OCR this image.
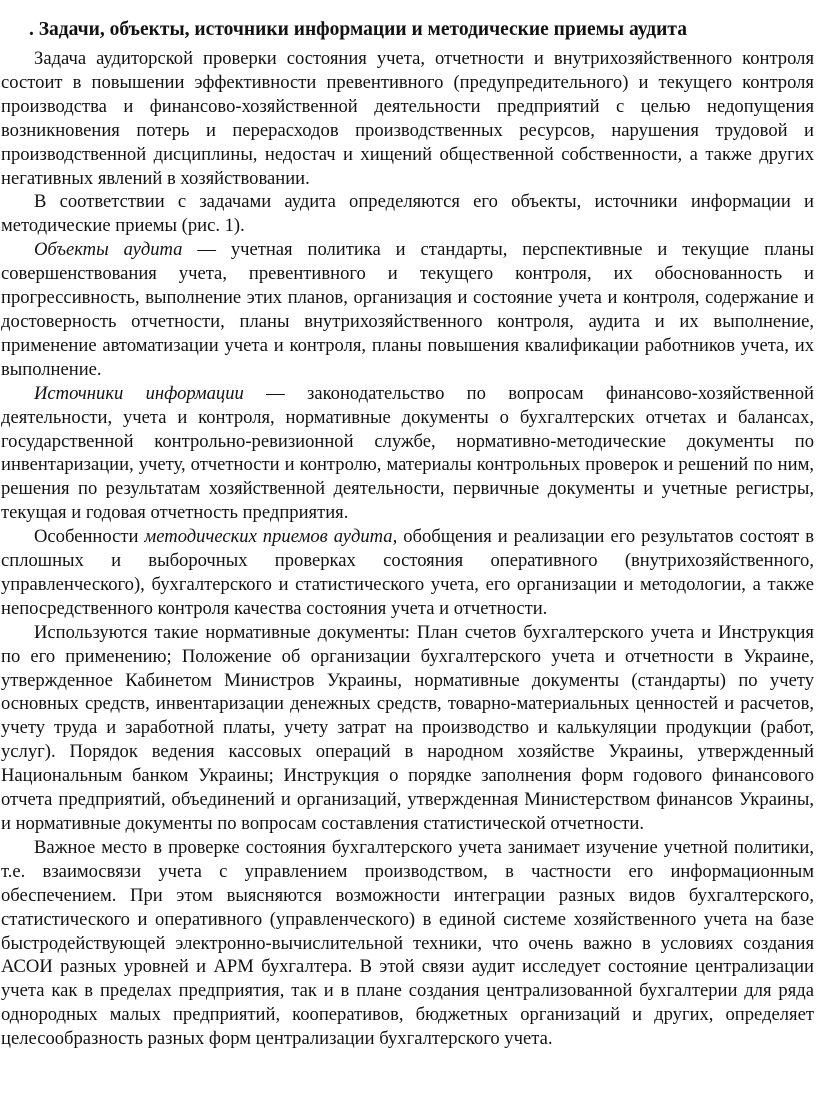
. Задачи, объекты, источники информации и методические приемы аудита

Задача аудиторской проверки состояния учета, отчетности и внутрихозяйственного контроля состоит в повышении эффективности превентивного (предупредительного) и текущего контроля производства и финансово-хозяйственной деятельности предприятий с целью недопущения возникновения потерь и перерасходов производственных ресурсов, нарушения трудовой и производственной дисциплины, недостач и хищений общественной собственности, а также других негативных явлений в хозяйствовании.

В соответствии с задачами аудита определяются его объекты, источники информации и методические приемы (рис. 1).

Объекты аудита — учетная политика и стандарты, перспективные и текущие планы совершенствования учета, превентивного и текущего контроля, их обоснованность и прогрессивность, выполнение этих планов, организация и состояние учета и контроля, содержание и достоверность отчетности, планы внутрихозяйственного контроля, аудита и их выполнение, применение автоматизации учета и контроля, планы повышения квалификации работников учета, их выполнение.

Источники информации — законодательство по вопросам финансово-хозяйственной деятельности, учета и контроля, нормативные документы о бухгалтерских отчетах и балансах, государственной контрольно-ревизионной службе, нормативно-методические документы по инвентаризации, учету, отчетности и контролю, материалы контрольных проверок и решений по ним, решения по результатам хозяйственной деятельности, первичные документы и учетные регистры, текущая и годовая отчетность предприятия.

Особенности методических приемов аудита, обобщения и реализации его результатов состоят в сплошных и выборочных проверках состояния оперативного (внутрихозяйственного, управленческого), бухгалтерского и статистического учета, его организации и методологии, а также непосредственного контроля качества состояния учета и отчетности.

Используются такие нормативные документы: План счетов бухгалтерского учета и Инструкция по его применению; Положение об организации бухгалтерского учета и отчетности в Украине, утвержденное Кабинетом Министров Украины, нормативные документы (стандарты) по учету основных средств, инвентаризации денежных средств, товарно-материальных ценностей и расчетов, учету труда и заработной платы, учету затрат на производство и калькуляции продукции (работ, услуг). Порядок ведения кассовых операций в народном хозяйстве Украины, утвержденный Национальным банком Украины; Инструкция о порядке заполнения форм годового финансового отчета предприятий, объединений и организаций, утвержденная Министерством финансов Украины, и нормативные документы по вопросам составления статистической отчетности.

Важное место в проверке состояния бухгалтерского учета занимает изучение учетной политики, т.е. взаимосвязи учета с управлением производством, в частности его информационным обеспечением. При этом выясняются возможности интеграции разных видов бухгалтерского, статистического и оперативного (управленческого) в единой системе хозяйственного учета на базе быстродействующей электронно-вычислительной техники, что очень важно в условиях создания АСОИ разных уровней и АРМ бухгалтера. В этой связи аудит исследует состояние централизации учета как в пределах предприятия, так и в плане создания централизованной бухгалтерии для ряда однородных малых предприятий, кооперативов, бюджетных организаций и других, определяет целесообразность разных форм централизации бухгалтерского учета.
